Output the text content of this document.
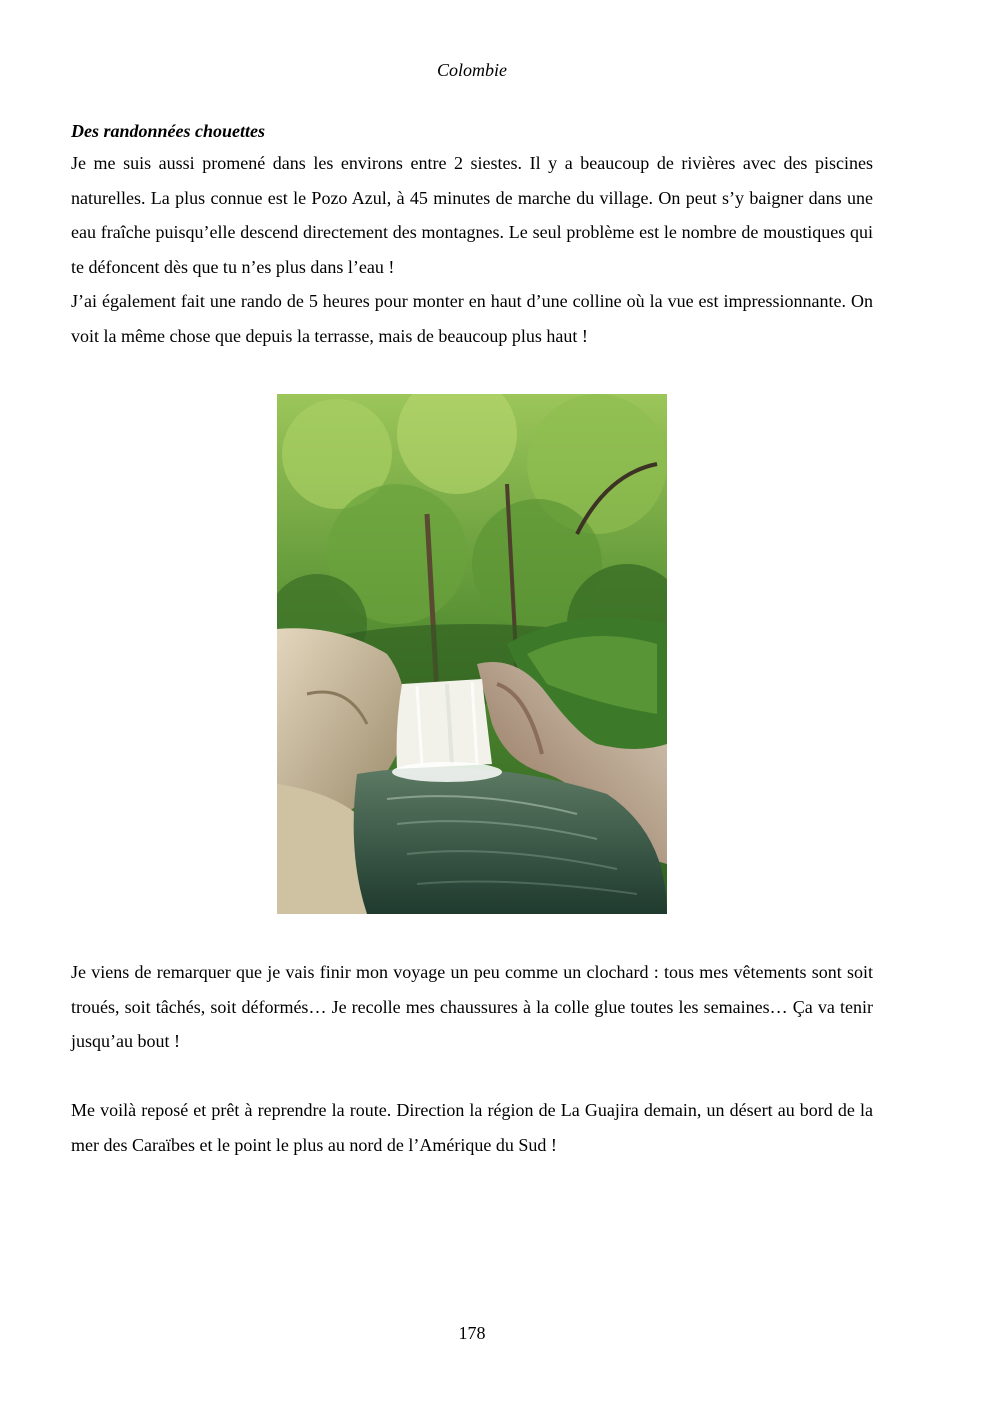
Colombie

Des randonnées chouettes

Je me suis aussi promené dans les environs entre 2 siestes. Il y a beaucoup de rivières avec des piscines naturelles. La plus connue est le Pozo Azul, à 45 minutes de marche du village. On peut s’y baigner dans une eau fraîche puisqu’elle descend directement des montagnes. Le seul problème est le nombre de moustiques qui te défoncent dès que tu n’es plus dans l’eau !

J’ai également fait une rando de 5 heures pour monter en haut d’une colline où la vue est impressionnante. On voit la même chose que depuis la terrasse, mais de beaucoup plus haut !

Je viens de remarquer que je vais finir mon voyage un peu comme un clochard : tous mes vêtements sont soit troués, soit tâchés, soit déformés… Je recolle mes chaussures à la colle glue toutes les semaines… Ça va tenir jusqu’au bout !

Me voilà reposé et prêt à reprendre la route. Direction la région de La Guajira demain, un désert au bord de la mer des Caraïbes et le point le plus au nord de l’Amérique du Sud !

178
